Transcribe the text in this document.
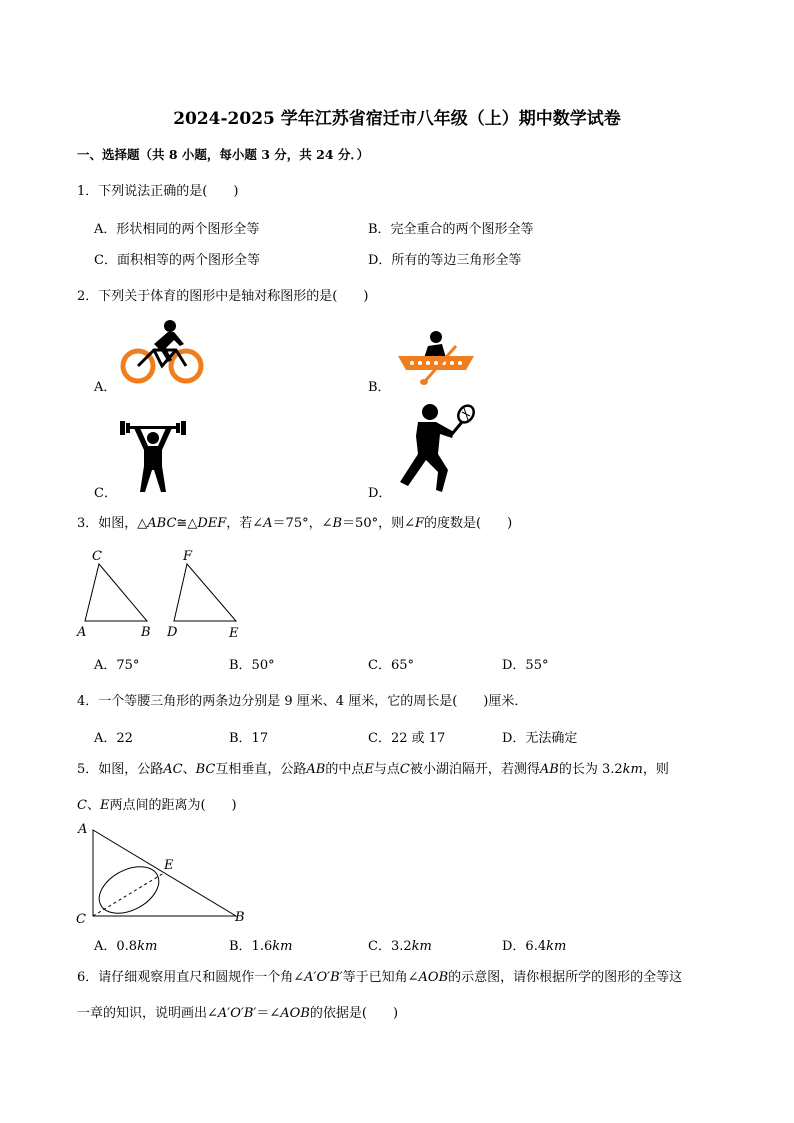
2024-2025 学年江苏省宿迁市八年级（上）期中数学试卷
一、选择题（共 8 小题，每小题 3 分，共 24 分．）
1．下列说法正确的是(　　)
A．形状相同的两个图形全等	B．完全重合的两个图形全等
C．面积相等的两个图形全等	D．所有的等边三角形全等
2．下列关于体育的图形中是轴对称图形的是(　　)
A．	B．
C．	D．
3．如图，△ABC≅△DEF，若∠A＝75°，∠B＝50°，则∠F的度数是(　　)
C
A	B
F
D	E
A．75°	B．50°	C．65°	D．55°
4．一个等腰三角形的两条边分别是 9 厘米、4 厘米，它的周长是(　　)厘米．
A．22	B．17	C．22 或 17	D．无法确定
5．如图，公路AC、BC互相垂直，公路AB的中点E与点C被小湖泊隔开，若测得AB的长为 3.2km，则
C、E两点间的距离为(　　)
A
E
C	B
A．0.8km	B．1.6km	C．3.2km	D．6.4km
6．请仔细观察用直尺和圆规作一个角∠A′O′B′等于已知角∠AOB的示意图，请你根据所学的图形的全等这
一章的知识，说明画出∠A′O′B′＝∠AOB的依据是(　　)
